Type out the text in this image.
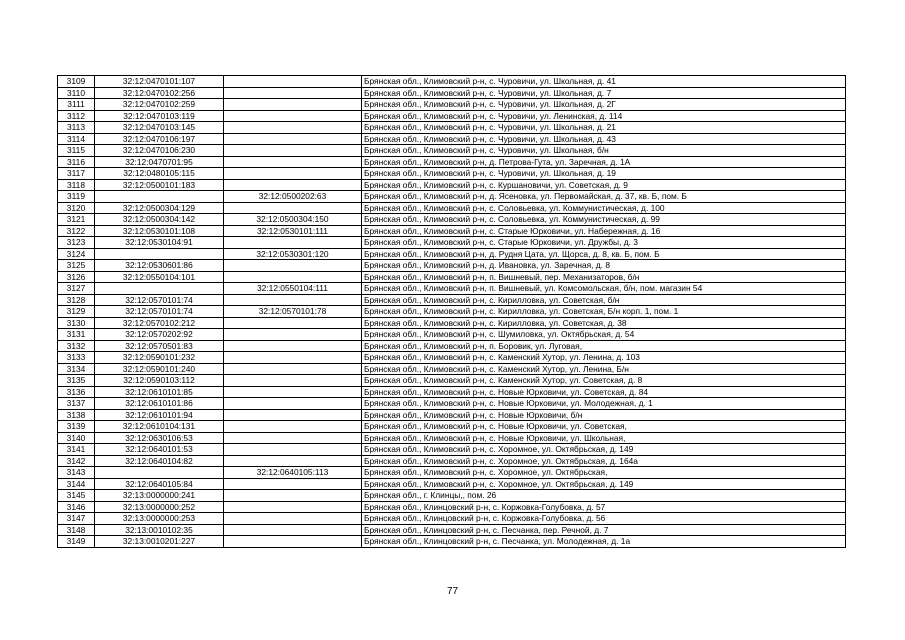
3109	32:12:0470101:107		Брянская обл., Климовский р-н, с. Чуровичи, ул. Школьная, д. 41
3110	32:12:0470102:256		Брянская обл., Климовский р-н, с. Чуровичи, ул. Школьная, д. 7
3111	32:12:0470102:259		Брянская обл., Климовский р-н, с. Чуровичи, ул. Школьная, д. 2Г
3112	32:12:0470103:119		Брянская обл., Климовский р-н, с. Чуровичи, ул. Ленинская, д. 114
3113	32:12:0470103:145		Брянская обл., Климовский р-н, с. Чуровичи, ул. Школьная, д. 21
3114	32:12:0470106:197		Брянская обл., Климовский р-н, с. Чуровичи, ул. Школьная, д. 43
3115	32:12:0470106:230		Брянская обл., Климовский р-н, с. Чуровичи, ул. Школьная, б/н
3116	32:12:0470701:95		Брянская обл., Климовский р-н, д. Петрова-Гута, ул. Заречная, д. 1А
3117	32:12:0480105:115		Брянская обл., Климовский р-н, с. Чуровичи, ул. Школьная, д. 19
3118	32:12:0500101:183		Брянская обл., Климовский р-н, с. Куршановичи, ул. Советская, д. 9
3119		32:12:0500202:63	Брянская обл., Климовский р-н, д. Ясеновка, ул. Первомайская, д. 37, кв. Б, пом. Б
3120	32:12:0500304:129		Брянская обл., Климовский р-н, с. Соловьевка, ул. Коммунистическая, д. 100
3121	32:12:0500304:142	32:12:0500304:150	Брянская обл., Климовский р-н, с. Соловьевка, ул. Коммунистическая, д. 99
3122	32:12:0530101:108	32:12:0530101:111	Брянская обл., Климовский р-н, с. Старые Юрковичи, ул. Набережная, д. 16
3123	32:12:0530104:91		Брянская обл., Климовский р-н, с. Старые Юрковичи, ул. Дружбы, д. 3
3124		32:12:0530301:120	Брянская обл., Климовский р-н, д. Рудня Цата, ул. Щорса, д. 8, кв. Б, пом. Б
3125	32:12:0530601:86		Брянская обл., Климовский р-н, д. Ивановка, ул. Заречная, д. 8
3126	32:12:0550104:101		Брянская обл., Климовский р-н, п. Вишневый, пер. Механизаторов, б/н
3127		32:12:0550104:111	Брянская обл., Климовский р-н, п. Вишневый, ул. Комсомольская, б/н, пом. магазин 54
3128	32:12:0570101:74		Брянская обл., Климовский р-н, с. Кирилловка, ул. Советская, б/н
3129	32:12:0570101:74	32:12:0570101:78	Брянская обл., Климовский р-н, с. Кирилловка, ул. Советская, Б/н корп. 1, пом. 1
3130	32:12:0570102:212		Брянская обл., Климовский р-н, с. Кирилловка, ул. Советская, д. 38
3131	32:12:0570202:92		Брянская обл., Климовский р-н, с. Шумиловка, ул. Октябрьская, д. 54
3132	32:12:0570501:83		Брянская обл., Климовский р-н, п. Боровик, ул. Луговая,
3133	32:12:0590101:232		Брянская обл., Климовский р-н, с. Каменский Хутор, ул. Ленина, д. 103
3134	32:12:0590101:240		Брянская обл., Климовский р-н, с. Каменский Хутор, ул. Ленина, Б/н
3135	32:12:0590103:112		Брянская обл., Климовский р-н, с. Каменский Хутор, ул. Советская, д. 8
3136	32:12:0610101:85		Брянская обл., Климовский р-н, с. Новые Юрковичи, ул. Советская, д. 84
3137	32:12:0610101:86		Брянская обл., Климовский р-н, с. Новые Юрковичи, ул. Молодежная, д. 1
3138	32:12:0610101:94		Брянская обл., Климовский р-н, с. Новые Юрковичи, б/н
3139	32:12:0610104:131		Брянская обл., Климовский р-н, с. Новые Юрковичи, ул. Советская,
3140	32:12:0630106:53		Брянская обл., Климовский р-н, с. Новые Юрковичи, ул. Школьная,
3141	32:12:0640101:53		Брянская обл., Климовский р-н, с. Хоромное, ул. Октябрьская, д. 149
3142	32:12:0640104:82		Брянская обл., Климовский р-н, с. Хоромное, ул. Октябрьская, д. 164а
3143		32:12:0640105:113	Брянская обл., Климовский р-н, с. Хоромное, ул. Октябрьская,
3144	32:12:0640105:84		Брянская обл., Климовский р-н, с. Хоромное, ул. Октябрьская, д. 149
3145	32:13:0000000:241		Брянская обл., г. Клинцы,, пом. 26
3146	32:13:0000000:252		Брянская обл., Клинцовский р-н, с. Коржовка-Голубовка, д. 57
3147	32:13:0000000:253		Брянская обл., Клинцовский р-н, с. Коржовка-Голубовка, д. 56
3148	32:13:0010102:35		Брянская обл., Клинцовский р-н, с. Песчанка, пер. Речной, д. 7
3149	32:13:0010201:227		Брянская обл., Клинцовский р-н, с. Песчанка, ул. Молодежная, д. 1а
77
